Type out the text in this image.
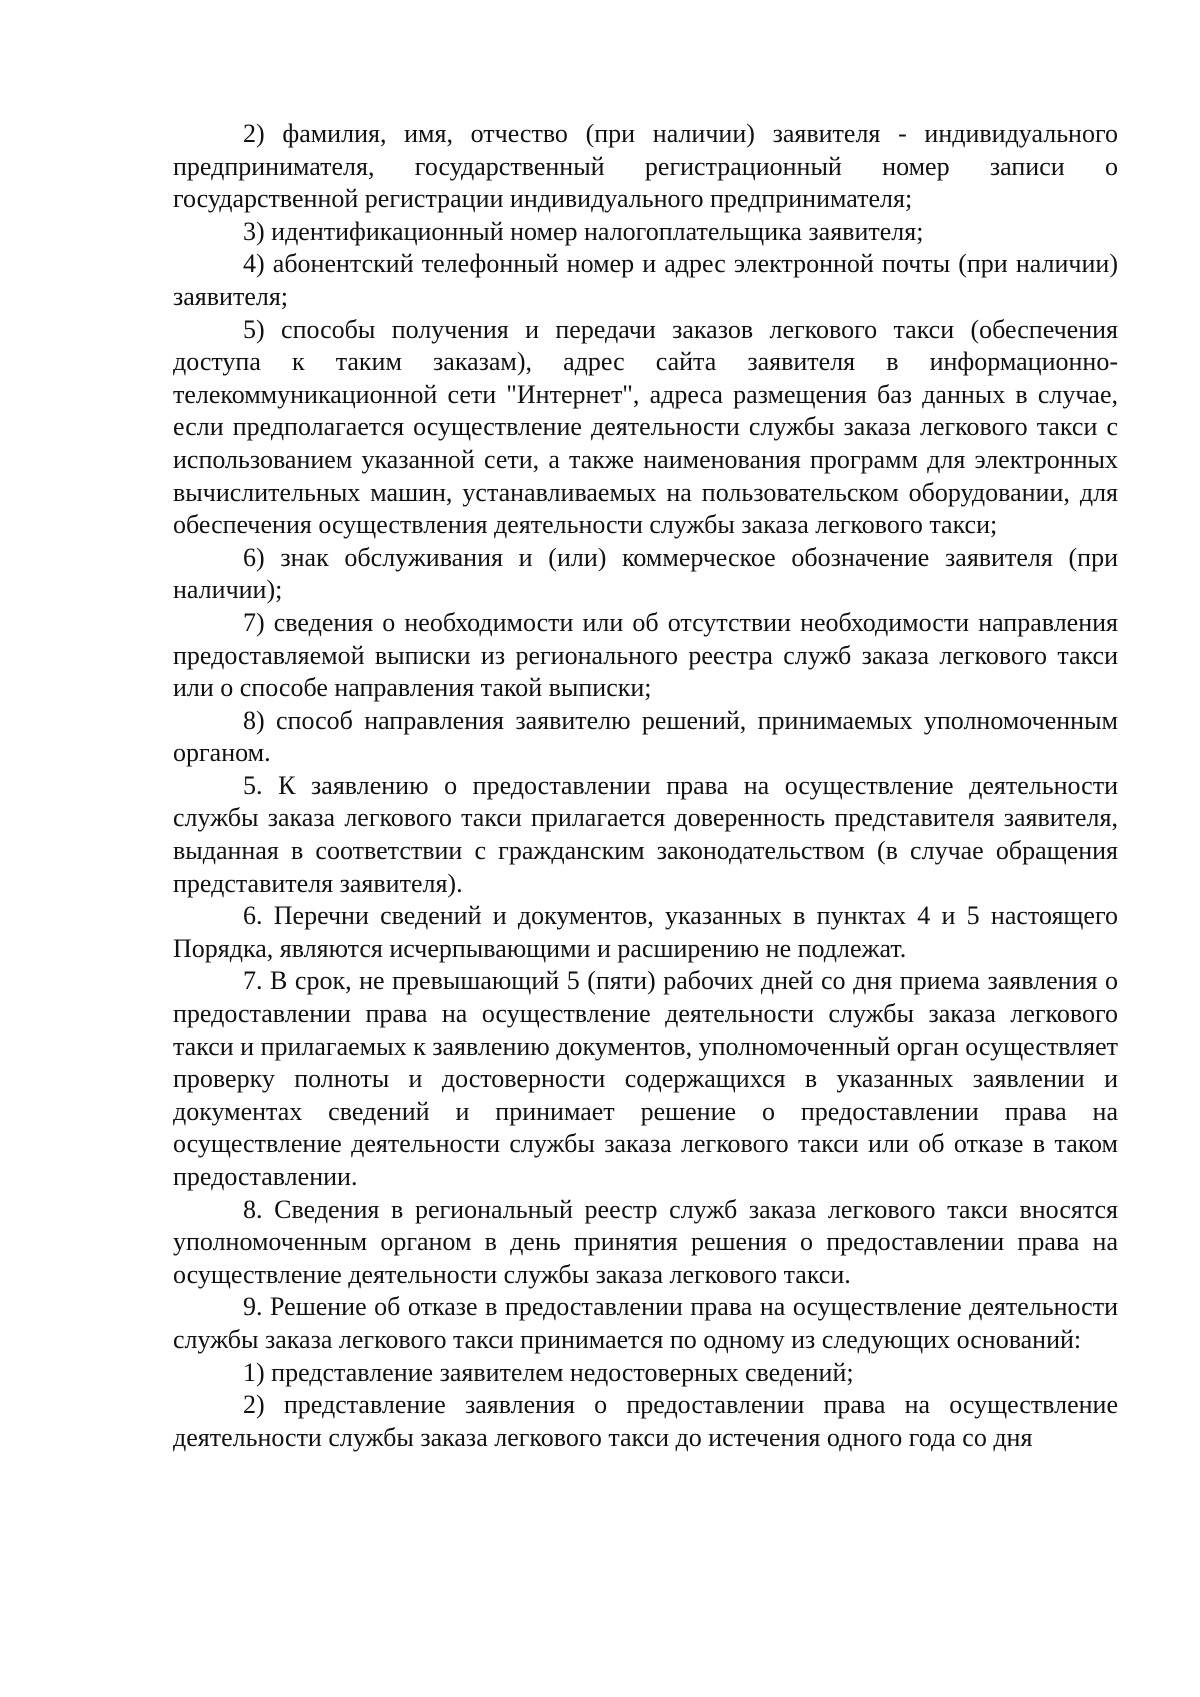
2) фамилия, имя, отчество (при наличии) заявителя - индивидуального предпринимателя, государственный регистрационный номер записи о государственной регистрации индивидуального предпринимателя;

3) идентификационный номер налогоплательщика заявителя;

4) абонентский телефонный номер и адрес электронной почты (при наличии) заявителя;

5) способы получения и передачи заказов легкового такси (обеспечения доступа к таким заказам), адрес сайта заявителя в информационно-телекоммуникационной сети "Интернет", адреса размещения баз данных в случае, если предполагается осуществление деятельности службы заказа легкового такси с использованием указанной сети, а также наименования программ для электронных вычислительных машин, устанавливаемых на пользовательском оборудовании, для обеспечения осуществления деятельности службы заказа легкового такси;

6) знак обслуживания и (или) коммерческое обозначение заявителя (при наличии);

7) сведения о необходимости или об отсутствии необходимости направления предоставляемой выписки из регионального реестра служб заказа легкового такси или о способе направления такой выписки;

8) способ направления заявителю решений, принимаемых уполномоченным органом.

5. К заявлению о предоставлении права на осуществление деятельности службы заказа легкового такси прилагается доверенность представителя заявителя, выданная в соответствии с гражданским законодательством (в случае обращения представителя заявителя).

6. Перечни сведений и документов, указанных в пунктах 4 и 5 настоящего Порядка, являются исчерпывающими и расширению не подлежат.

7. В срок, не превышающий 5 (пяти) рабочих дней со дня приема заявления о предоставлении права на осуществление деятельности службы заказа легкового такси и прилагаемых к заявлению документов, уполномоченный орган осуществляет проверку полноты и достоверности содержащихся в указанных заявлении и документах сведений и принимает решение о предоставлении права на осуществление деятельности службы заказа легкового такси или об отказе в таком предоставлении.

8. Сведения в региональный реестр служб заказа легкового такси вносятся уполномоченным органом в день принятия решения о предоставлении права на осуществление деятельности службы заказа легкового такси.

9. Решение об отказе в предоставлении права на осуществление деятельности службы заказа легкового такси принимается по одному из следующих оснований:

1) представление заявителем недостоверных сведений;

2) представление заявления о предоставлении права на осуществление деятельности службы заказа легкового такси до истечения одного года со дня
